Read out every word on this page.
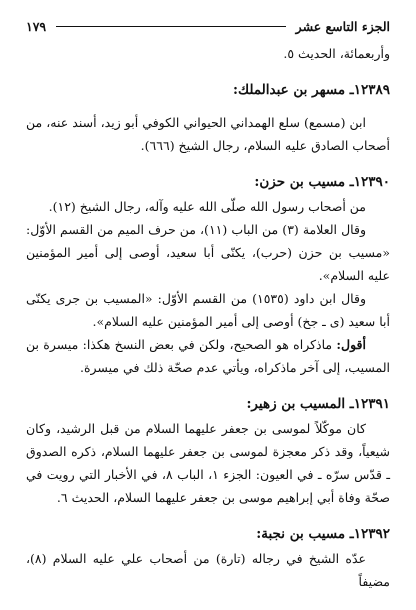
الجزء التاسع عشر
١٧٩

وأربعمائة، الحديث ٥.

١٢٣٨٩ـ مسهر بن عبدالملك:

ابن (مسمع) سلع الهمداني الحيواني الكوفي أبو زيد، أسند عنه، من أصحاب الصادق عليه السلام، رجال الشيخ (٦٦٦).

١٢٣٩٠ـ مسيب بن حزن:

من أصحاب رسول الله صلّى الله عليه وآله، رجال الشيخ (١٢).

وقال العلامة (٣) من الباب (١١)، من حرف الميم من القسم الأوّل: «مسيب بن حزن (حرب)، يكنّى أبا سعيد، أوصى إلى أمير المؤمنين عليه السلام».

وقال ابن داود (١٥٣٥) من القسم الأوّل: «المسيب بن جرى يكنّى أبا سعيد (ى ـ جخ) أوصى إلى أمير المؤمنين عليه السلام».

أقول: ماذكراه هو الصحيح، ولكن في بعض النسخ هكذا: ميسرة بن المسيب، إلى آخر ماذكراه، ويأتي عدم صحّة ذلك في ميسرة.

١٢٣٩١ـ المسيب بن زهير:

كان موكّلاً لموسى بن جعفر عليهما السلام من قبل الرشيد، وكان شيعياً، وقد ذكر معجزة لموسى بن جعفر عليهما السلام، ذكره الصدوق ـ قدّس سرّه ـ في العيون: الجزء ١، الباب ٨، في الأخبار التي رويت في صحّة وفاة أبي إبراهيم موسى بن جعفر عليهما السلام، الحديث ٦.

١٢٣٩٢ـ مسيب بن نجبة:

عدّه الشيخ في رجاله (تارة) من أصحاب علي عليه السلام (٨)، مضيفاً
